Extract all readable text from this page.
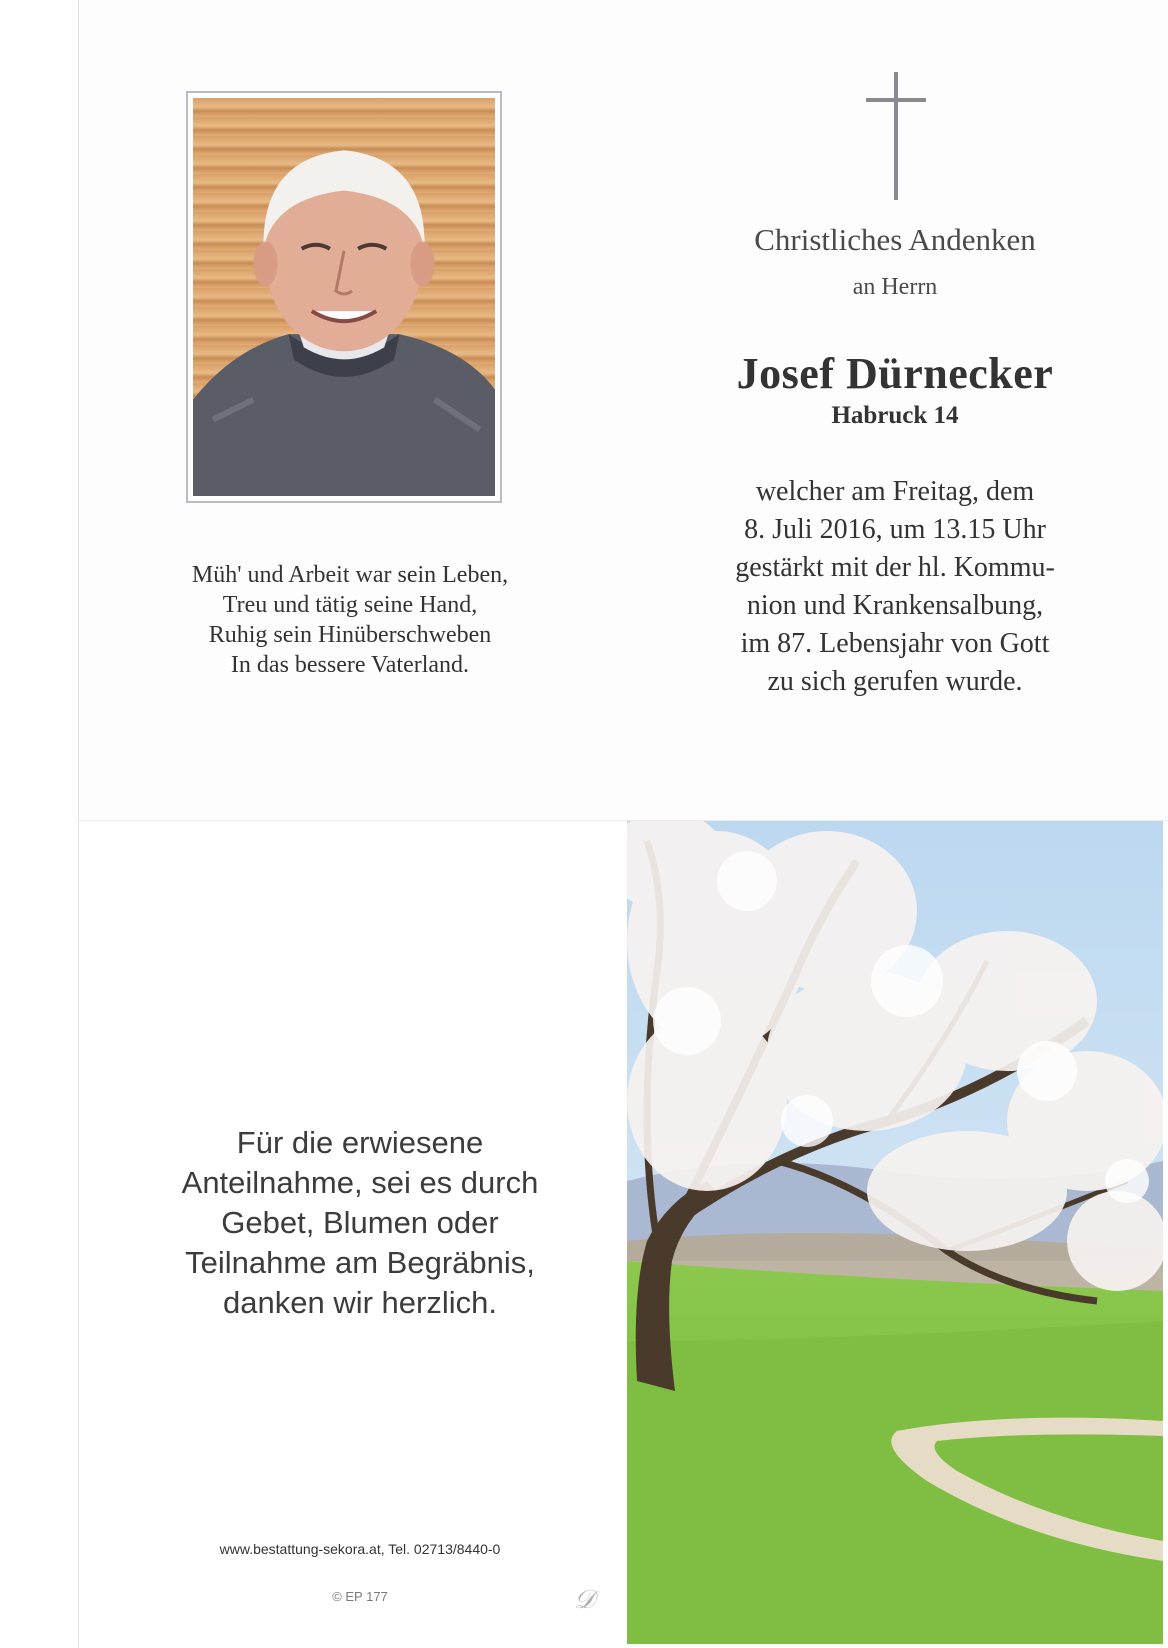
Christliches Andenken
an Herrn
Josef Dürnecker
Habruck 14
welcher am Freitag, dem
8. Juli 2016, um 13.15 Uhr
gestärkt mit der hl. Kommu-
nion und Krankensalbung,
im 87. Lebensjahr von Gott
zu sich gerufen wurde.
Müh' und Arbeit war sein Leben,
Treu und tätig seine Hand,
Ruhig sein Hinüberschweben
In das bessere Vaterland.
Für die erwiesene
Anteilnahme, sei es durch
Gebet, Blumen oder
Teilnahme am Begräbnis,
danken wir herzlich.
www.bestattung-sekora.at, Tel. 02713/8440-0
© EP 177	𝒟
